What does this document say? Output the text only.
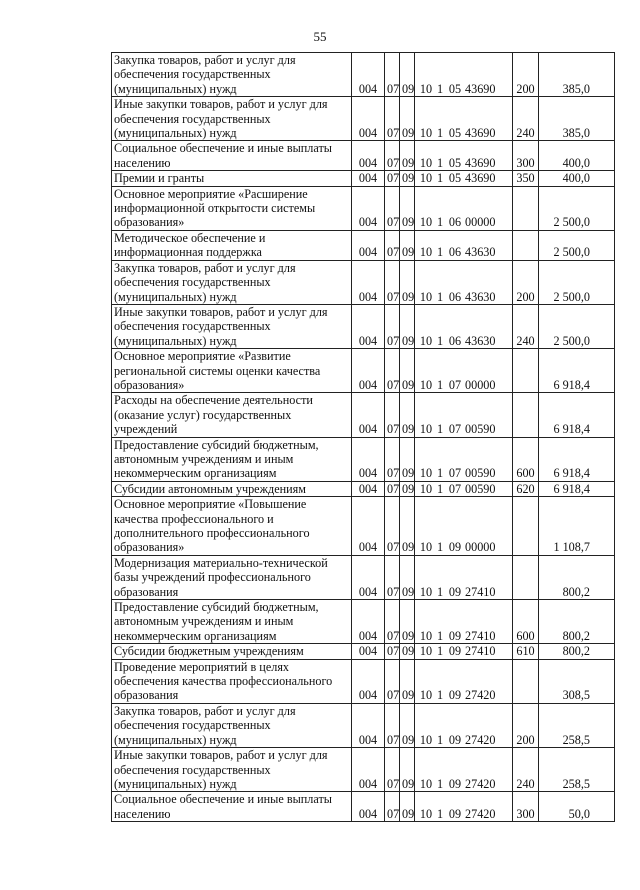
55
Закупка товаров, работ и услуг для обеспечения государственных (муниципальных) нужд	004	07	09	10 1 05 43690	200	385,0
Иные закупки товаров, работ и услуг для обеспечения государственных (муниципальных) нужд	004	07	09	10 1 05 43690	240	385,0
Социальное обеспечение и иные выплаты населению	004	07	09	10 1 05 43690	300	400,0
Премии и гранты	004	07	09	10 1 05 43690	350	400,0
Основное мероприятие «Расширение информационной открытости системы образования»	004	07	09	10 1 06 00000		2 500,0
Методическое обеспечение и информационная поддержка	004	07	09	10 1 06 43630		2 500,0
Закупка товаров, работ и услуг для обеспечения государственных (муниципальных) нужд	004	07	09	10 1 06 43630	200	2 500,0
Иные закупки товаров, работ и услуг для обеспечения государственных (муниципальных) нужд	004	07	09	10 1 06 43630	240	2 500,0
Основное мероприятие «Развитие региональной системы оценки качества образования»	004	07	09	10 1 07 00000		6 918,4
Расходы на обеспечение деятельности (оказание услуг) государственных учреждений	004	07	09	10 1 07 00590		6 918,4
Предоставление субсидий бюджетным, автономным учреждениям и иным некоммерческим организациям	004	07	09	10 1 07 00590	600	6 918,4
Субсидии автономным учреждениям	004	07	09	10 1 07 00590	620	6 918,4
Основное мероприятие «Повышение качества профессионального и дополнительного профессионального образования»	004	07	09	10 1 09 00000		1 108,7
Модернизация материально-технической базы учреждений профессионального образования	004	07	09	10 1 09 27410		800,2
Предоставление субсидий бюджетным, автономным учреждениям и иным некоммерческим организациям	004	07	09	10 1 09 27410	600	800,2
Субсидии бюджетным учреждениям	004	07	09	10 1 09 27410	610	800,2
Проведение мероприятий в целях обеспечения качества профессионального образования	004	07	09	10 1 09 27420		308,5
Закупка товаров, работ и услуг для обеспечения государственных (муниципальных) нужд	004	07	09	10 1 09 27420	200	258,5
Иные закупки товаров, работ и услуг для обеспечения государственных (муниципальных) нужд	004	07	09	10 1 09 27420	240	258,5
Социальное обеспечение и иные выплаты населению	004	07	09	10 1 09 27420	300	50,0
